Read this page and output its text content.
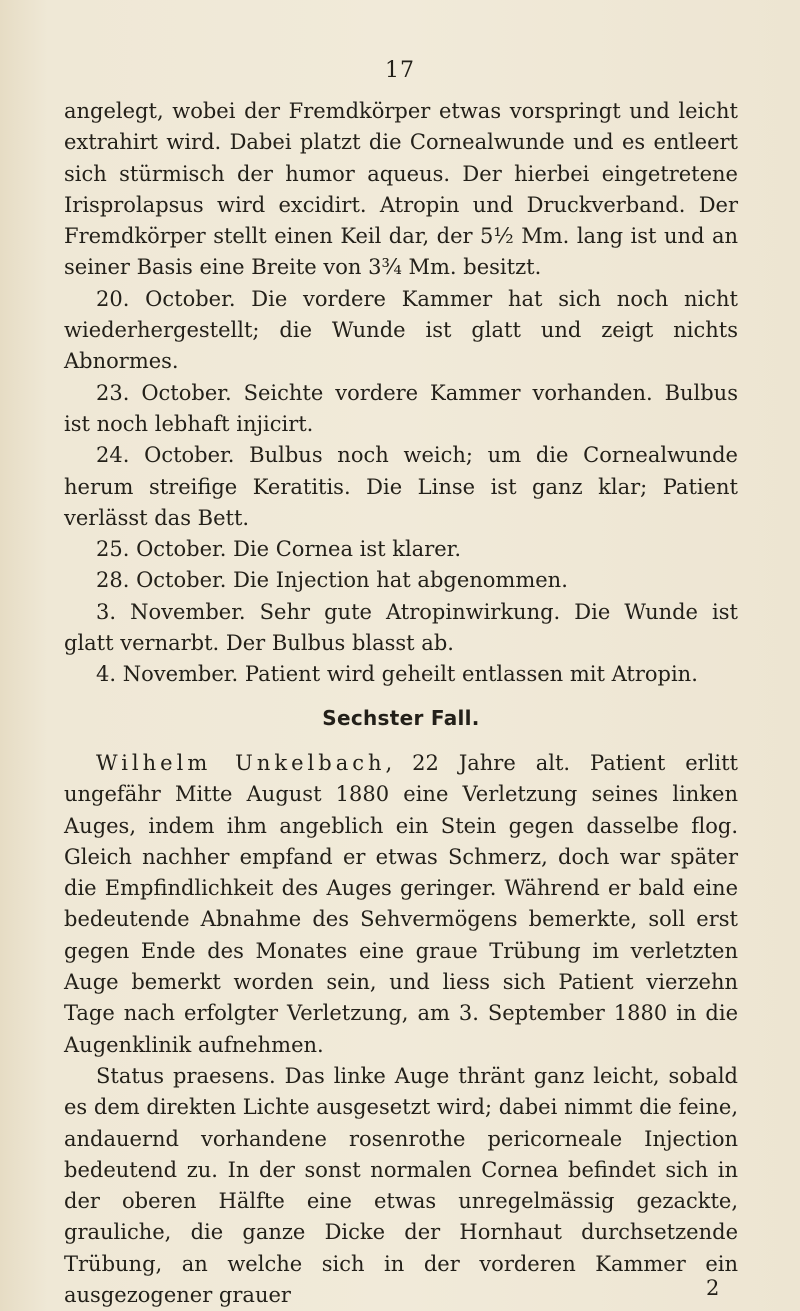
17

angelegt, wobei der Fremdkörper etwas vorspringt und leicht extrahirt wird. Dabei platzt die Cornealwunde und es entleert sich stürmisch der humor aqueus. Der hierbei eingetretene Irisprolapsus wird excidirt. Atropin und Druckverband. Der Fremdkörper stellt einen Keil dar, der 5½ Mm. lang ist und an seiner Basis eine Breite von 3¾ Mm. besitzt.

20. October. Die vordere Kammer hat sich noch nicht wiederhergestellt; die Wunde ist glatt und zeigt nichts Abnormes.

23. October. Seichte vordere Kammer vorhanden. Bulbus ist noch lebhaft injicirt.

24. October. Bulbus noch weich; um die Cornealwunde herum streifige Keratitis. Die Linse ist ganz klar; Patient verlässt das Bett.

25. October. Die Cornea ist klarer.

28. October. Die Injection hat abgenommen.

3. November. Sehr gute Atropinwirkung. Die Wunde ist glatt vernarbt. Der Bulbus blasst ab.

4. November. Patient wird geheilt entlassen mit Atropin.

Sechster Fall.

Wilhelm Unkelbach, 22 Jahre alt. Patient erlitt ungefähr Mitte August 1880 eine Verletzung seines linken Auges, indem ihm angeblich ein Stein gegen dasselbe flog. Gleich nachher empfand er etwas Schmerz, doch war später die Empfindlichkeit des Auges geringer. Während er bald eine bedeutende Abnahme des Sehvermögens bemerkte, soll erst gegen Ende des Monates eine graue Trübung im verletzten Auge bemerkt worden sein, und liess sich Patient vierzehn Tage nach erfolgter Verletzung, am 3. September 1880 in die Augenklinik aufnehmen.

Status praesens. Das linke Auge thränt ganz leicht, sobald es dem direkten Lichte ausgesetzt wird; dabei nimmt die feine, andauernd vorhandene rosenrothe pericorneale Injection bedeutend zu. In der sonst normalen Cornea befindet sich in der oberen Hälfte eine etwas unregelmässig gezackte, grauliche, die ganze Dicke der Hornhaut durchsetzende Trübung, an welche sich in der vorderen Kammer ein ausgezogener grauer	2
